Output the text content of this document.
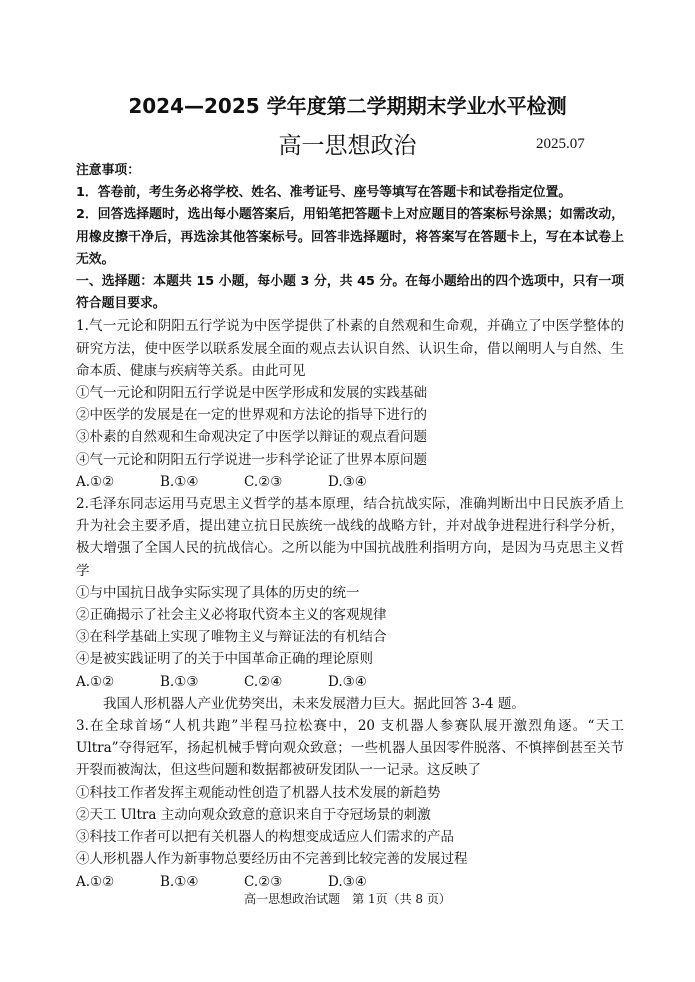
2024—2025 学年度第二学期期末学业水平检测
高一思想政治	2025.07

注意事项：

1．答卷前，考生务必将学校、姓名、准考证号、座号等填写在答题卡和试卷指定位置。

2．回答选择题时，选出每小题答案后，用铅笔把答题卡上对应题目的答案标号涂黑；如需改动，用橡皮擦干净后，再选涂其他答案标号。回答非选择题时，将答案写在答题卡上，写在本试卷上无效。

一、选择题：本题共 15 小题，每小题 3 分，共 45 分。在每小题给出的四个选项中，只有一项符合题目要求。

1.气一元论和阴阳五行学说为中医学提供了朴素的自然观和生命观，并确立了中医学整体的研究方法，使中医学以联系发展全面的观点去认识自然、认识生命，借以阐明人与自然、生命本质、健康与疾病等关系。由此可见

①气一元论和阴阳五行学说是中医学形成和发展的实践基础

②中医学的发展是在一定的世界观和方法论的指导下进行的

③朴素的自然观和生命观决定了中医学以辩证的观点看问题

④气一元论和阴阳五行学说进一步科学论证了世界本原问题

A.①②	B.①④	C.②③	D.③④

2.毛泽东同志运用马克思主义哲学的基本原理，结合抗战实际，准确判断出中日民族矛盾上升为社会主要矛盾，提出建立抗日民族统一战线的战略方针，并对战争进程进行科学分析，极大增强了全国人民的抗战信心。之所以能为中国抗战胜利指明方向，是因为马克思主义哲学

①与中国抗日战争实际实现了具体的历史的统一

②正确揭示了社会主义必将取代资本主义的客观规律

③在科学基础上实现了唯物主义与辩证法的有机结合

④是被实践证明了的关于中国革命正确的理论原则

A.①②	B.①③	C.②④	D.③④

我国人形机器人产业优势突出，未来发展潜力巨大。据此回答 3-4 题。

3.在全球首场“人机共跑”半程马拉松赛中，20 支机器人参赛队展开激烈角逐。“天工 Ultra”夺得冠军，扬起机械手臂向观众致意；一些机器人虽因零件脱落、不慎摔倒甚至关节开裂而被淘汰，但这些问题和数据都被研发团队一一记录。这反映了

①科技工作者发挥主观能动性创造了机器人技术发展的新趋势

②天工 Ultra 主动向观众致意的意识来自于夺冠场景的刺激

③科技工作者可以把有关机器人的构想变成适应人们需求的产品

④人形机器人作为新事物总要经历由不完善到比较完善的发展过程

A.①②	B.①④	C.②③	D.③④

高一思想政治试题　第 1页（共 8 页）
